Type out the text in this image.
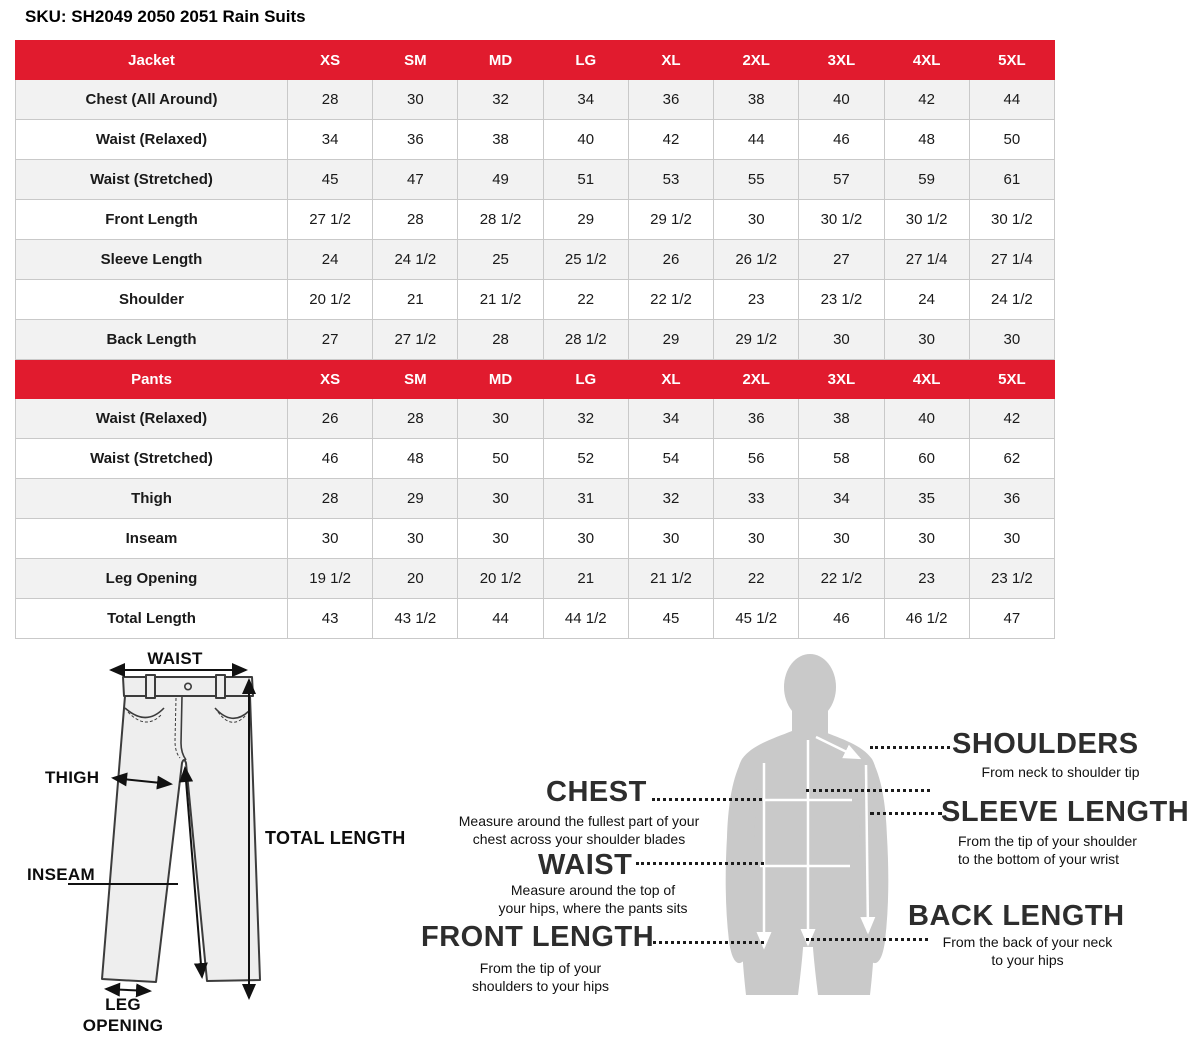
SKU: SH2049 2050 2051 Rain Suits
Jacket	XS	SM	MD	LG	XL	2XL	3XL	4XL	5XL
Chest (All Around)	28	30	32	34	36	38	40	42	44
Waist (Relaxed)	34	36	38	40	42	44	46	48	50
Waist (Stretched)	45	47	49	51	53	55	57	59	61
Front Length	27 1/2	28	28 1/2	29	29 1/2	30	30 1/2	30 1/2	30 1/2
Sleeve Length	24	24 1/2	25	25 1/2	26	26 1/2	27	27 1/4	27 1/4
Shoulder	20 1/2	21	21 1/2	22	22 1/2	23	23 1/2	24	24 1/2
Back Length	27	27 1/2	28	28 1/2	29	29 1/2	30	30	30
Pants	XS	SM	MD	LG	XL	2XL	3XL	4XL	5XL
Waist (Relaxed)	26	28	30	32	34	36	38	40	42
Waist (Stretched)	46	48	50	52	54	56	58	60	62
Thigh	28	29	30	31	32	33	34	35	36
Inseam	30	30	30	30	30	30	30	30	30
Leg Opening	19 1/2	20	20 1/2	21	21 1/2	22	22 1/2	23	23 1/2
Total Length	43	43 1/2	44	44 1/2	45	45 1/2	46	46 1/2	47
WAIST
THIGH
TOTAL LENGTH
INSEAM
LEG OPENING
CHEST
Measure around the fullest part of your
chest across your shoulder blades
WAIST
Measure around the top of
your hips, where the pants sits
FRONT LENGTH
From the tip of your
shoulders to your hips
SHOULDERS
From neck to shoulder tip
SLEEVE LENGTH
From the tip of your shoulder
to the bottom of your wrist
BACK LENGTH
From the back of your neck
to your hips
